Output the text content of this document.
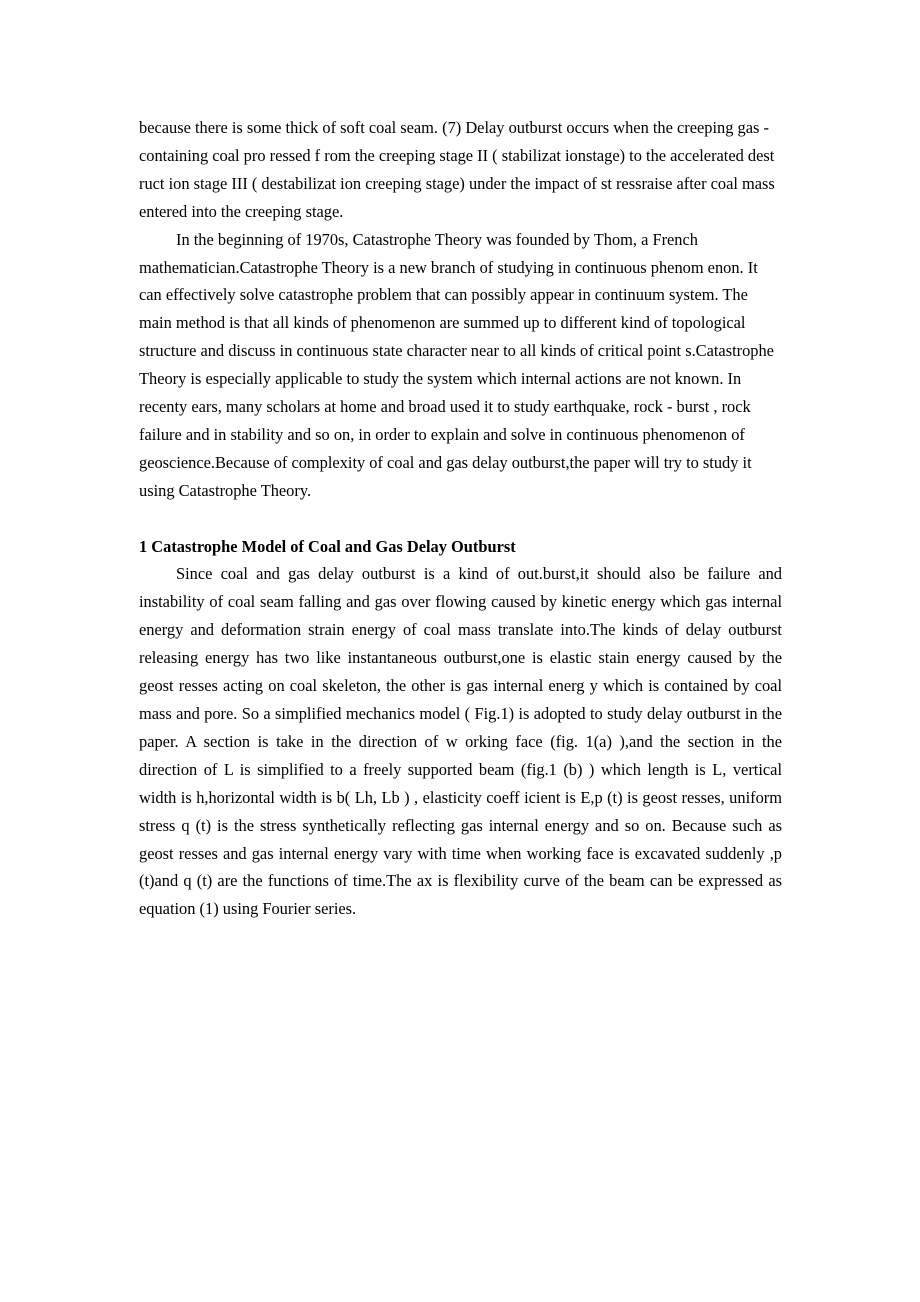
because there is some thick of soft coal seam. (7) Delay outburst occurs when the creeping gas - containing coal pro ressed f rom the creeping stage II ( stabilizat ionstage) to the accelerated dest ruct ion stage III ( destabilizat ion creeping stage) under the impact of st ressraise after coal mass entered into the creeping stage.

In the beginning of 1970s, Catastrophe Theory was founded by Thom, a French mathematician.Catastrophe Theory is a new branch of studying in continuous phenom enon. It can effectively solve catastrophe problem that can possibly appear in continuum system. The main method is that all kinds of phenomenon are summed up to different kind of topological structure and discuss in continuous state character near to all kinds of critical point s.Catastrophe Theory is especially applicable to study the system which internal actions are not known. In recenty ears, many scholars at home and broad used it to study earthquake, rock - burst , rock failure and in stability and so on, in order to explain and solve in continuous phenomenon of geoscience.Because of complexity of coal and gas delay outburst,the paper will try to study it using Catastrophe Theory.

1 Catastrophe Model of Coal and Gas Delay Outburst

Since coal and gas delay outburst is a kind of out.burst,it should also be failure and instability of coal seam falling and gas over flowing caused by kinetic energy which gas internal energy and deformation strain energy of coal mass translate into.The kinds of delay outburst releasing energy has two like instantaneous outburst,one is elastic stain energy caused by the geost resses acting on coal skeleton, the other is gas internal energ y which is contained by coal mass and pore. So a simplified mechanics model ( Fig.1) is adopted to study delay outburst in the paper. A section is take in the direction of w orking face (fig. 1(a) ),and the section in the direction of L is simplified to a freely supported beam (fig.1 (b) ) which length is L, vertical width is h,horizontal width is b( Lh, Lb ) , elasticity coeff icient is E,p (t) is geost resses, uniform stress q (t) is the stress synthetically reflecting gas internal energy and so on. Because such as geost resses and gas internal energy vary with time when working face is excavated suddenly ,p (t)and q (t) are the functions of time.The ax is flexibility curve of the beam can be expressed as equation (1) using Fourier series.
